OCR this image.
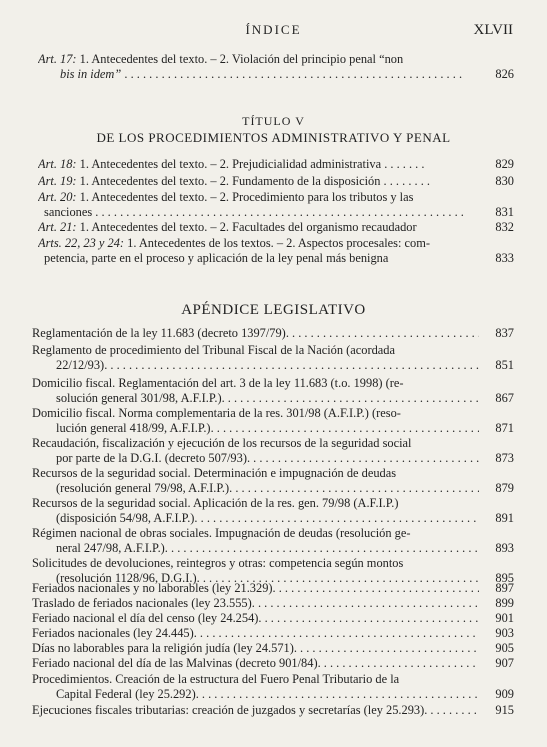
ÍNDICE	XLVII
Art. 17: 1. Antecedentes del texto. – 2. Violación del principio penal “non
bis in idem” . . .	826
TÍTULO V
DE LOS PROCEDIMIENTOS ADMINISTRATIVO Y PENAL
Art. 18: 1. Antecedentes del texto. – 2. Prejudicialidad administrativa . . .	829
Art. 19: 1. Antecedentes del texto. – 2. Fundamento de la disposición . . .	830
Art. 20: 1. Antecedentes del texto. – 2. Procedimiento para los tributos y las
sanciones . . .	831
Art. 21: 1. Antecedentes del texto. – 2. Facultades del organismo recaudador	832
Arts. 22, 23 y 24: 1. Antecedentes de los textos. – 2. Aspectos procesales: com-
petencia, parte en el proceso y aplicación de la ley penal más benigna	833
APÉNDICE LEGISLATIVO
Reglamentación de la ley 11.683 (decreto 1397/79) . . .	837
Reglamento de procedimiento del Tribunal Fiscal de la Nación (acordada
22/12/93) . . .	851
Domicilio fiscal. Reglamentación del art. 3 de la ley 11.683 (t.o. 1998) (re-
solución general 301/98, A.F.I.P.) . . .	867
Domicilio fiscal. Norma complementaria de la res. 301/98 (A.F.I.P.) (reso-
lución general 418/99, A.F.I.P.) . . .	871
Recaudación, fiscalización y ejecución de los recursos de la seguridad social
por parte de la D.G.I. (decreto 507/93) . . .	873
Recursos de la seguridad social. Determinación e impugnación de deudas
(resolución general 79/98, A.F.I.P.) . . .	879
Recursos de la seguridad social. Aplicación de la res. gen. 79/98 (A.F.I.P.)
(disposición 54/98, A.F.I.P.) . . .	891
Régimen nacional de obras sociales. Impugnación de deudas (resolución ge-
neral 247/98, A.F.I.P.) . . .	893
Solicitudes de devoluciones, reintegros y otras: competencia según montos
(resolución 1128/96, D.G.I.) . . .	895
Feriados nacionales y no laborables (ley 21.329) . . .	897
Traslado de feriados nacionales (ley 23.555) . . .	899
Feriado nacional el día del censo (ley 24.254) . . .	901
Feriados nacionales (ley 24.445) . . .	903
Días no laborables para la religión judía (ley 24.571) . . .	905
Feriado nacional del día de las Malvinas (decreto 901/84) . . .	907
Procedimientos. Creación de la estructura del Fuero Penal Tributario de la
Capital Federal (ley 25.292) . . .	909
Ejecuciones fiscales tributarias: creación de juzgados y secretarías (ley 25.293) . . .	915
